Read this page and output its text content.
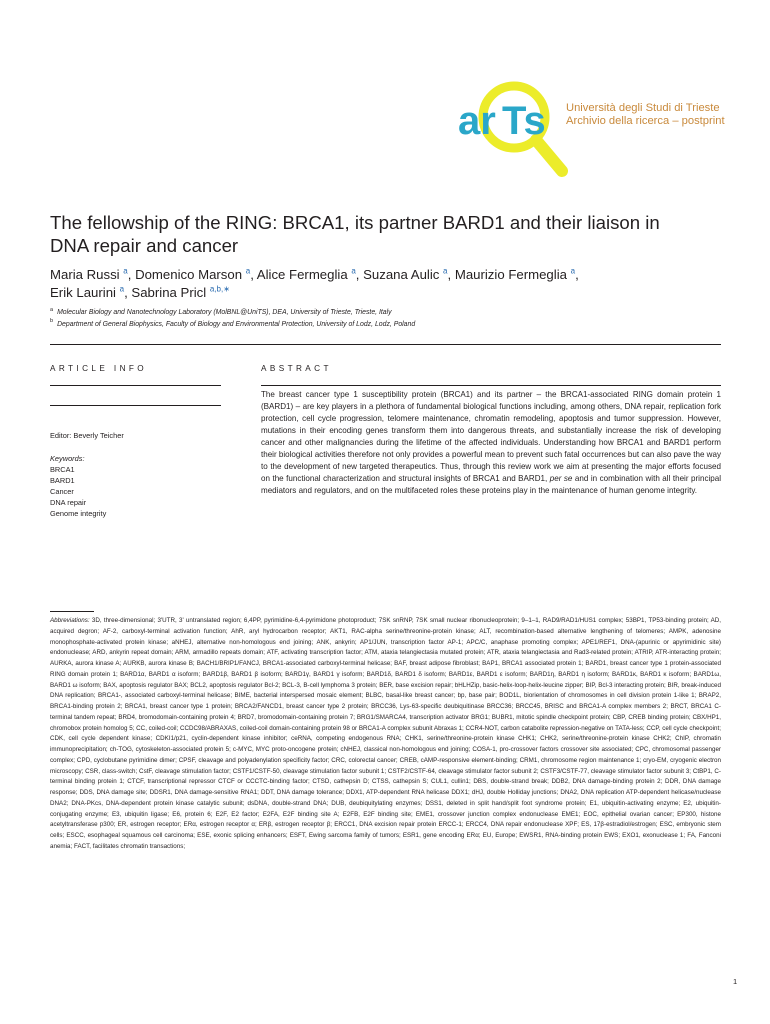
ar Ts Università degli Studi di Trieste
Archivio della ricerca – postprint
The fellowship of the RING: BRCA1, its partner BARD1 and their liaison in DNA repair and cancer
Maria Russi $^a$, Domenico Marson $^a$, Alice Fermeglia $^a$, Suzana Aulic $^a$, Maurizio Fermeglia $^a$,
Erik Laurini $^a$, Sabrina Pricl $^{a,b,∗}$
$^a$ Molecular Biology and Nanotechnology Laboratory (MolBNL@UniTS), DEA, University of Trieste, Trieste, Italy
$^b$ Department of General Biophysics, Faculty of Biology and Environmental Protection, University of Lodz, Lodz, Poland
ARTICLE INFO	ABSTRACT
Editor: Beverly Teicher
Keywords:
BRCA1
BARD1
Cancer
DNA repair
Genome integrity

The breast cancer type 1 susceptibility protein (BRCA1) and its partner – the BRCA1-associated RING domain protein 1 (BARD1) – are key players in a plethora of fundamental biological functions including, among others, DNA repair, replication fork protection, cell cycle progression, telomere maintenance, chromatin remodeling, apoptosis and tumor suppression. However, mutations in their encoding genes transform them into dangerous threats, and substantially increase the risk of developing cancer and other malignancies during the lifetime of the affected individuals. Understanding how BRCA1 and BARD1 perform their biological activities therefore not only provides a powerful mean to prevent such fatal occurrences but can also pave the way to the development of new targeted therapeutics. Thus, through this review work we aim at presenting the major efforts focused on the functional characterization and structural insights of BRCA1 and BARD1, per se and in combination with all their principal mediators and regulators, and on the multifaceted roles these proteins play in the maintenance of human genome integrity.

Abbreviations: 3D, three-dimensional; 3'UTR, 3' untranslated region; 6,4PP, pyrimidine-6,4-pyrimidone photoproduct; 7SK snRNP, 7SK small nuclear ribonucleoprotein; 9–1–1, RAD9/RAD1/HUS1 complex; 53BP1, TP53-binding protein; AD, acquired degron; AF-2, carboxyl-terminal activation function; AhR, aryl hydrocarbon receptor; AKT1, RAC-alpha serine/threonine-protein kinase; ALT, recombination-based alternative lengthening of telomeres; AMPK, adenosine monophosphate-activated protein kinase; aNHEJ, alternative non-homologous end joining; ANK, ankyrin; AP1/JUN, transcription factor AP-1; APC/C, anaphase promoting complex; APE1/REF1, DNA-(apurinic or apyrimidinic site) endonuclease; ARD, ankyrin repeat domain; ARM, armadillo repeats domain; ATF, activating transcription factor; ATM, ataxia telangiectasia mutated protein; ATR, ataxia telangiectasia and Rad3-related protein; ATRIP, ATR-interacting protein; AURKA, aurora kinase A; AURKB, aurora kinase B; BACH1/BRIP1/FANCJ, BRCA1-associated carboxyl-terminal helicase; BAF, breast adipose fibroblast; BAP1, BRCA1 associated protein 1; BARD1, breast cancer type 1 protein-associated RING domain protein 1; BARD1α, BARD1 α isoform; BARD1β, BARD1 β isoform; BARD1γ, BARD1 γ isoform; BARD1δ, BARD1 δ isoform; BARD1ε, BARD1 ε isoform; BARD1η, BARD1 η isoform; BARD1κ, BARD1 κ isoform; BARD1ω, BARD1 ω isoform; BAX, apoptosis regulator BAX; BCL2, apoptosis regulator Bcl-2; BCL-3, B-cell lymphoma 3 protein; BER, base excision repair; bHLHZip, basic-helix-loop-helix-leucine zipper; BIP, Bcl-3 interacting protein; BIR, break-induced DNA replication; BRCA1-, associated carboxyl-terminal helicase; BIME, bacterial interspersed mosaic element; BLBC, basal-like breast cancer; bp, base pair; BOD1L, biorientation of chromosomes in cell division protein 1-like 1; BRAP2, BRCA1-binding protein 2; BRCA1, breast cancer type 1 protein; BRCA2/FANCD1, breast cancer type 2 protein; BRCC36, Lys-63-specific deubiquitinase BRCC36; BRCC45, BRISC and BRCA1-A complex members 2; BRCT, BRCA1 C-terminal tandem repeat; BRD4, bromodomain-containing protein 4; BRD7, bromodomain-containing protein 7; BRG1/SMARCA4, transcription activator BRG1; BUBR1, mitotic spindle checkpoint protein; CBP, CREB binding protein; CBX/HP1, chromobox protein homolog 5; CC, coiled-coil; CCDC98/ABRAXAS, coiled-coil domain-containing protein 98 or BRCA1-A complex subunit Abraxas 1; CCR4-NOT, carbon catabolite repression-negative on TATA-less; CCP, cell cycle checkpoint; CDK, cell cycle dependent kinase; CDKI1/p21, cyclin-dependent kinase inhibitor; ceRNA, competing endogenous RNA; CHK1, serine/threonine-protein kinase CHK1; CHK2, serine/threonine-protein kinase CHK2; ChIP, chromatin immunoprecipitation; ch-TOG, cytoskeleton-associated protein 5; c-MYC, MYC proto-oncogene protein; cNHEJ, classical non-homologous end joining; COSA-1, pro-crossover factors crossover site associated; CPC, chromosomal passenger complex; CPD, cyclobutane pyrimidine dimer; CPSF, cleavage and polyadenylation specificity factor; CRC, colorectal cancer; CREB, cAMP-responsive element-binding; CRM1, chromosome region maintenance 1; cryo-EM, cryogenic electron microscopy; CSR, class-switch; CstF, cleavage stimulation factor; CSTF1/CSTF-50, cleavage stimulation factor subunit 1; CSTF2/CSTF-64, cleavage stimulator factor subunit 2; CSTF3/CSTF-77, cleavage stimulator factor subunit 3; CtBP1, C-terminal binding protein 1; CTCF, transcriptional repressor CTCF or CCCTC-binding factor; CTSD, cathepsin D; CTSS, cathepsin S; CUL1, cullin1; DBS, double-strand break; DDB2, DNA damage-binding protein 2; DDR, DNA damage response; DDS, DNA damage site; DDSR1, DNA damage-sensitive RNA1; DDT, DNA damage tolerance; DDX1, ATP-dependent RNA helicase DDX1; dHJ, double Holliday junctions; DNA2, DNA replication ATP-dependent helicase/nuclease DNA2; DNA-PKcs, DNA-dependent protein kinase catalytic subunit; dsDNA, double-strand DNA; DUB, deubiquitylating enzymes; DSS1, deleted in split hand/split foot syndrome protein; E1, ubiquitin-activating enzyme; E2, ubiquitin-conjugating enzyme; E3, ubiquitin ligase; E6, protein 6; E2F, E2 factor; E2FA, E2F binding site A; E2FB, E2F binding site; EME1, crossover junction complex endonuclease EME1; EOC, epithelial ovarian cancer; EP300, histone acetyltransferase p300; ER, estrogen receptor; ERα, estrogen receptor α; ERβ, estrogen receptor β; ERCC1, DNA excision repair protein ERCC-1; ERCC4, DNA repair endonuclease XPF; ES, 17β-estradiol/estrogen; ESC, embryonic stem cells; ESCC, esophageal squamous cell carcinoma; ESE, exonic splicing enhancers; ESFT, Ewing sarcoma family of tumors; ESR1, gene encoding ERα; EU, Europe; EWSR1, RNA-binding protein EWS; EXO1, exonuclease 1; FA, Fanconi anemia; FACT, facilitates chromatin transactions;

1
